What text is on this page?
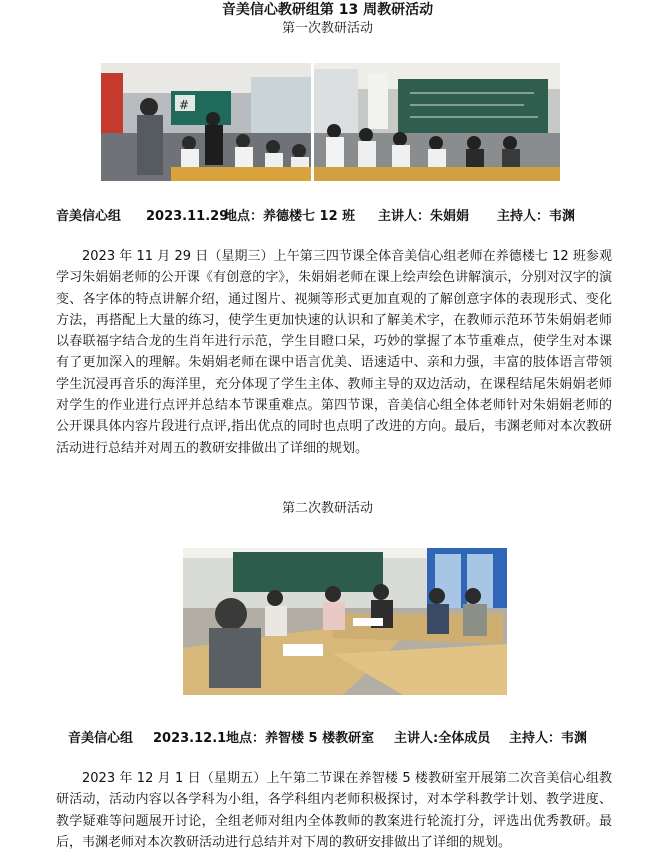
音美信心教研组第 13 周教研活动
第一次教研活动
#
音美信心组 2023.11.29
地点：养德楼七 12 班 主讲人：朱娟娟 主持人：韦渊

2023 年 11 月 29 日（星期三）上午第三四节课全体音美信心组老师在养德楼七 12 班参观学习朱娟娟老师的公开课《有创意的字》，朱娟娟老师在课上绘声绘色讲解演示，分别对汉字的演变、各字体的特点讲解介绍，通过图片、视频等形式更加直观的了解创意字体的表现形式、变化方法，再搭配上大量的练习，使学生更加快速的认识和了解美术字，在教师示范环节朱娟娟老师以春联福字结合龙的生肖年进行示范，学生目瞪口呆，巧妙的掌握了本节重难点，使学生对本课有了更加深入的理解。朱娟娟老师在课中语言优美、语速适中、亲和力强，丰富的肢体语言带领学生沉浸再音乐的海洋里，充分体现了学生主体、教师主导的双边活动，在课程结尾朱娟娟老师对学生的作业进行点评并总结本节课重难点。第四节课，音美信心组全体老师针对朱娟娟老师的公开课具体内容片段进行点评,指出优点的同时也点明了改进的方向。最后，韦渊老师对本次教研活动进行总结并对周五的教研安排做出了详细的规划。

第二次教研活动
音美信心组 2023.12.1 地点：养智楼 5 楼教研室 主讲人:全体成员 主持人：韦渊

2023 年 12 月 1 日（星期五）上午第二节课在养智楼 5 楼教研室开展第二次音美信心组教研活动，活动内容以各学科为小组，各学科组内老师积极探讨，对本学科教学计划、教学进度、教学疑难等问题展开讨论，全组老师对组内全体教师的教案进行轮流打分，评选出优秀教研。最后，韦渊老师对本次教研活动进行总结并对下周的教研安排做出了详细的规划。
